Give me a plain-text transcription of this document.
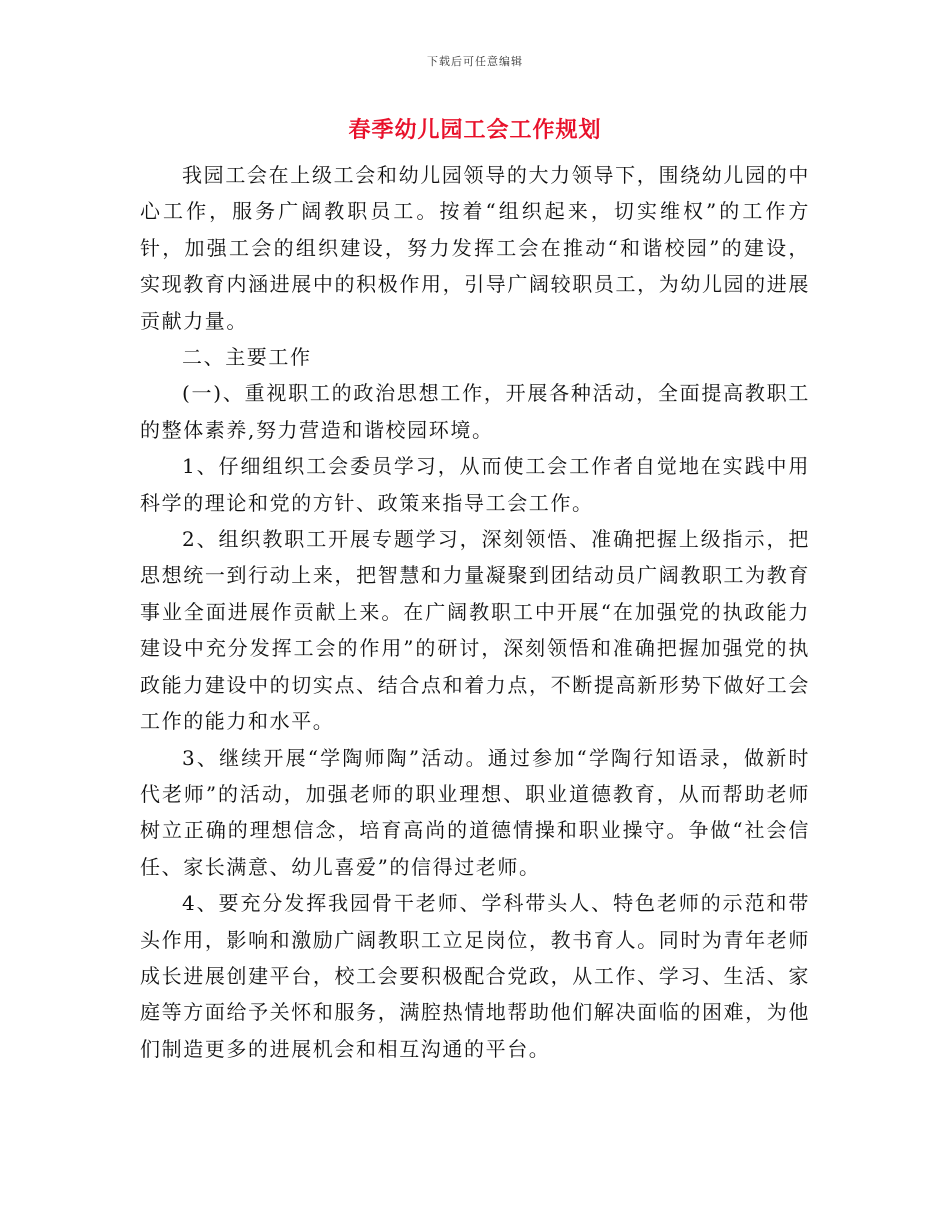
下载后可任意编辑
春季幼儿园工会工作规划

我园工会在上级工会和幼儿园领导的大力领导下，围绕幼儿园的中心工作，服务广阔教职员工。按着“组织起来，切实维权”的工作方针，加强工会的组织建设，努力发挥工会在推动“和谐校园”的建设，实现教育内涵进展中的积极作用，引导广阔较职员工，为幼儿园的进展贡献力量。

二、主要工作

(一)、重视职工的政治思想工作，开展各种活动，全面提高教职工的整体素养,努力营造和谐校园环境。

1、仔细组织工会委员学习，从而使工会工作者自觉地在实践中用科学的理论和党的方针、政策来指导工会工作。

2、组织教职工开展专题学习，深刻领悟、准确把握上级指示，把思想统一到行动上来，把智慧和力量凝聚到团结动员广阔教职工为教育事业全面进展作贡献上来。在广阔教职工中开展“在加强党的执政能力建设中充分发挥工会的作用”的研讨，深刻领悟和准确把握加强党的执政能力建设中的切实点、结合点和着力点，不断提高新形势下做好工会工作的能力和水平。

3、继续开展“学陶师陶”活动。通过参加“学陶行知语录，做新时代老师”的活动，加强老师的职业理想、职业道德教育，从而帮助老师树立正确的理想信念，培育高尚的道德情操和职业操守。争做“社会信任、家长满意、幼儿喜爱”的信得过老师。

4、要充分发挥我园骨干老师、学科带头人、特色老师的示范和带头作用，影响和激励广阔教职工立足岗位，教书育人。同时为青年老师成长进展创建平台，校工会要积极配合党政，从工作、学习、生活、家庭等方面给予关怀和服务，满腔热情地帮助他们解决面临的困难，为他们制造更多的进展机会和相互沟通的平台。
